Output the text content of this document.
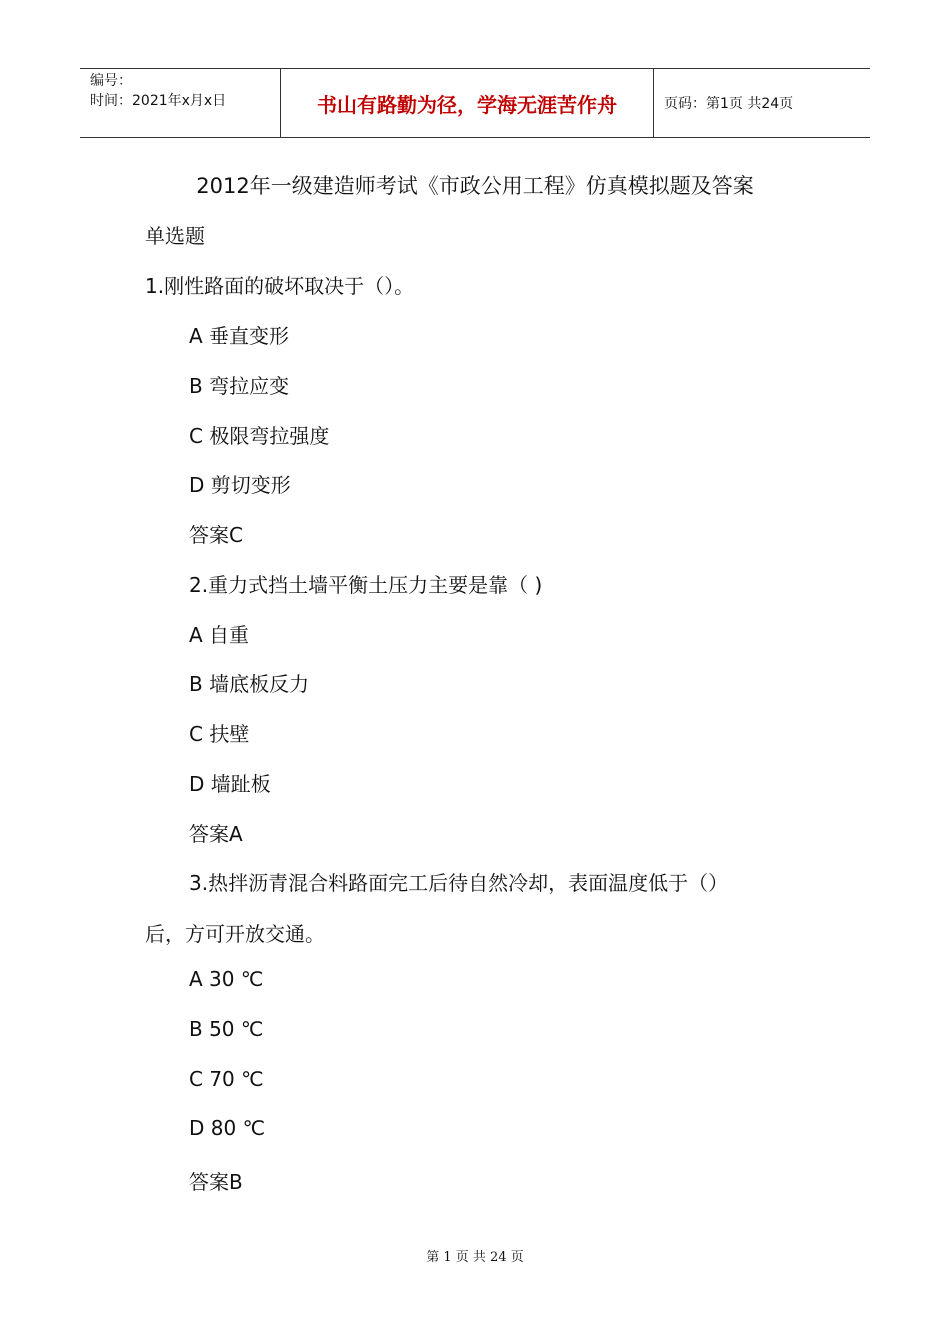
编号：
时间：2021年x月x日	书山有路勤为径，学海无涯苦作舟	页码：第1页 共24页
2012年一级建造师考试《市政公用工程》仿真模拟题及答案
单选题
1.刚性路面的破坏取决于（）。
A 垂直变形
B 弯拉应变
C 极限弯拉强度
D 剪切变形
答案C
2.重力式挡土墙平衡土压力主要是靠（ )
A 自重
B 墙底板反力
C 扶壁
D 墙趾板
答案A
3.热拌沥青混合料路面完工后待自然冷却，表面温度低于（）
后，方可开放交通。
A 30 ℃
B 50 ℃
C 70 ℃
D 80 ℃
答案B
第 1 页 共 24 页
